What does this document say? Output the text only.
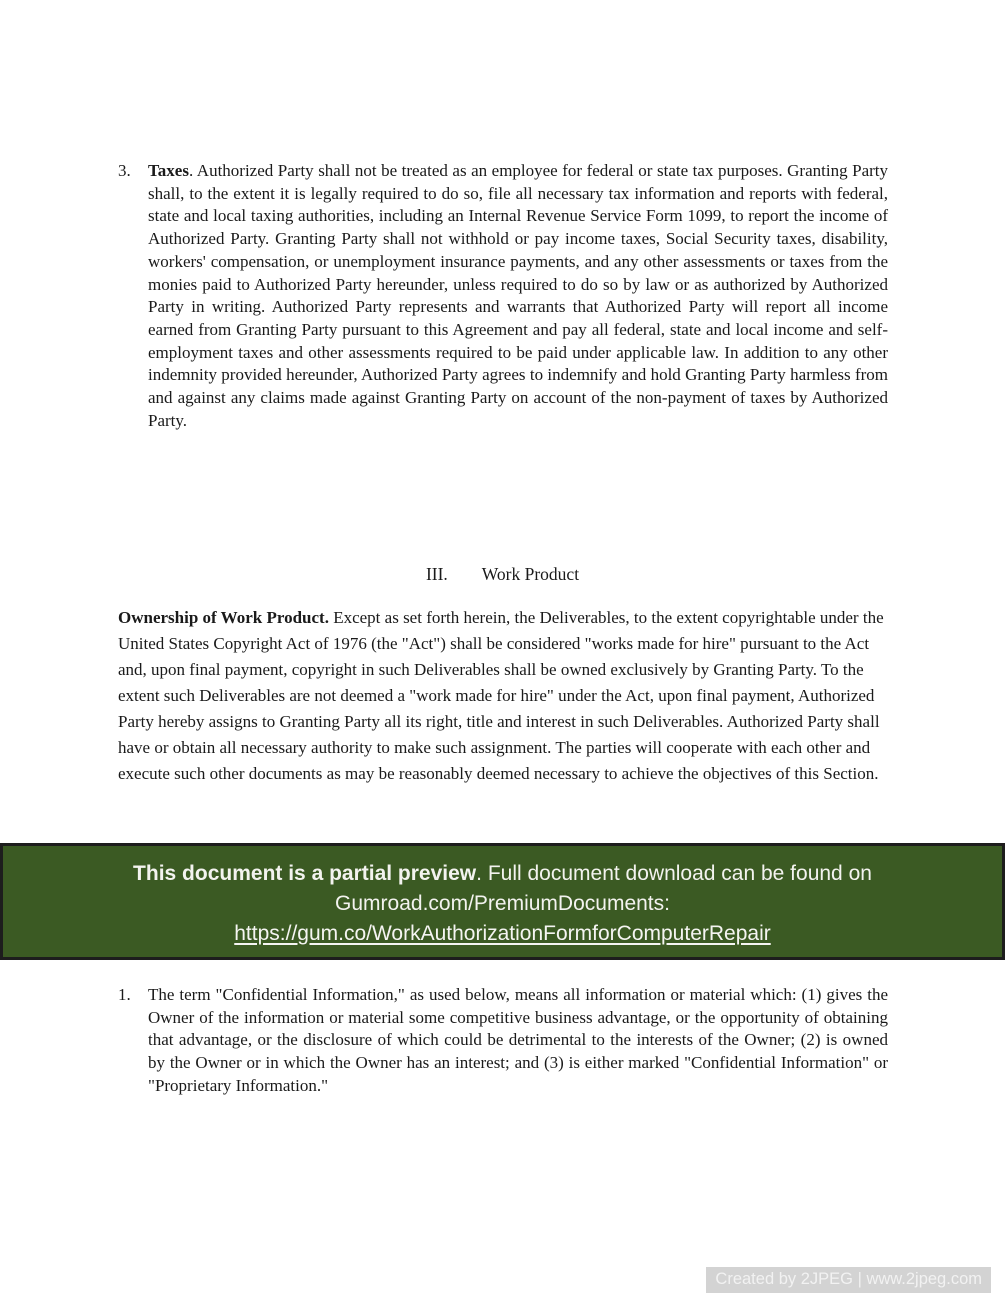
3.	Taxes. Authorized Party shall not be treated as an employee for federal or state tax purposes. Granting Party shall, to the extent it is legally required to do so, file all necessary tax information and reports with federal, state and local taxing authorities, including an Internal Revenue Service Form 1099, to report the income of Authorized Party. Granting Party shall not withhold or pay income taxes, Social Security taxes, disability, workers' compensation, or unemployment insurance payments, and any other assessments or taxes from the monies paid to Authorized Party hereunder, unless required to do so by law or as authorized by Authorized Party in writing. Authorized Party represents and warrants that Authorized Party will report all income earned from Granting Party pursuant to this Agreement and pay all federal, state and local income and self-employment taxes and other assessments required to be paid under applicable law. In addition to any other indemnity provided hereunder, Authorized Party agrees to indemnify and hold Granting Party harmless from and against any claims made against Granting Party on account of the non-payment of taxes by Authorized Party.
III. Work Product
Ownership of Work Product. Except as set forth herein, the Deliverables, to the extent copyrightable under the United States Copyright Act of 1976 (the "Act") shall be considered "works made for hire" pursuant to the Act and, upon final payment, copyright in such Deliverables shall be owned exclusively by Granting Party. To the extent such Deliverables are not deemed a "work made for hire" under the Act, upon final payment, Authorized Party hereby assigns to Granting Party all its right, title and interest in such Deliverables. Authorized Party shall have or obtain all necessary authority to make such assignment. The parties will cooperate with each other and execute such other documents as may be reasonably deemed necessary to achieve the objectives of this Section.
This document is a partial preview. Full document download can be found on
Gumroad.com/PremiumDocuments:
https://gum.co/WorkAuthorizationFormforComputerRepair
1.	The term "Confidential Information," as used below, means all information or material which: (1) gives the Owner of the information or material some competitive business advantage, or the opportunity of obtaining that advantage, or the disclosure of which could be detrimental to the interests of the Owner; (2) is owned by the Owner or in which the Owner has an interest; and (3) is either marked "Confidential Information" or "Proprietary Information."
Created by 2JPEG | www.2jpeg.com
